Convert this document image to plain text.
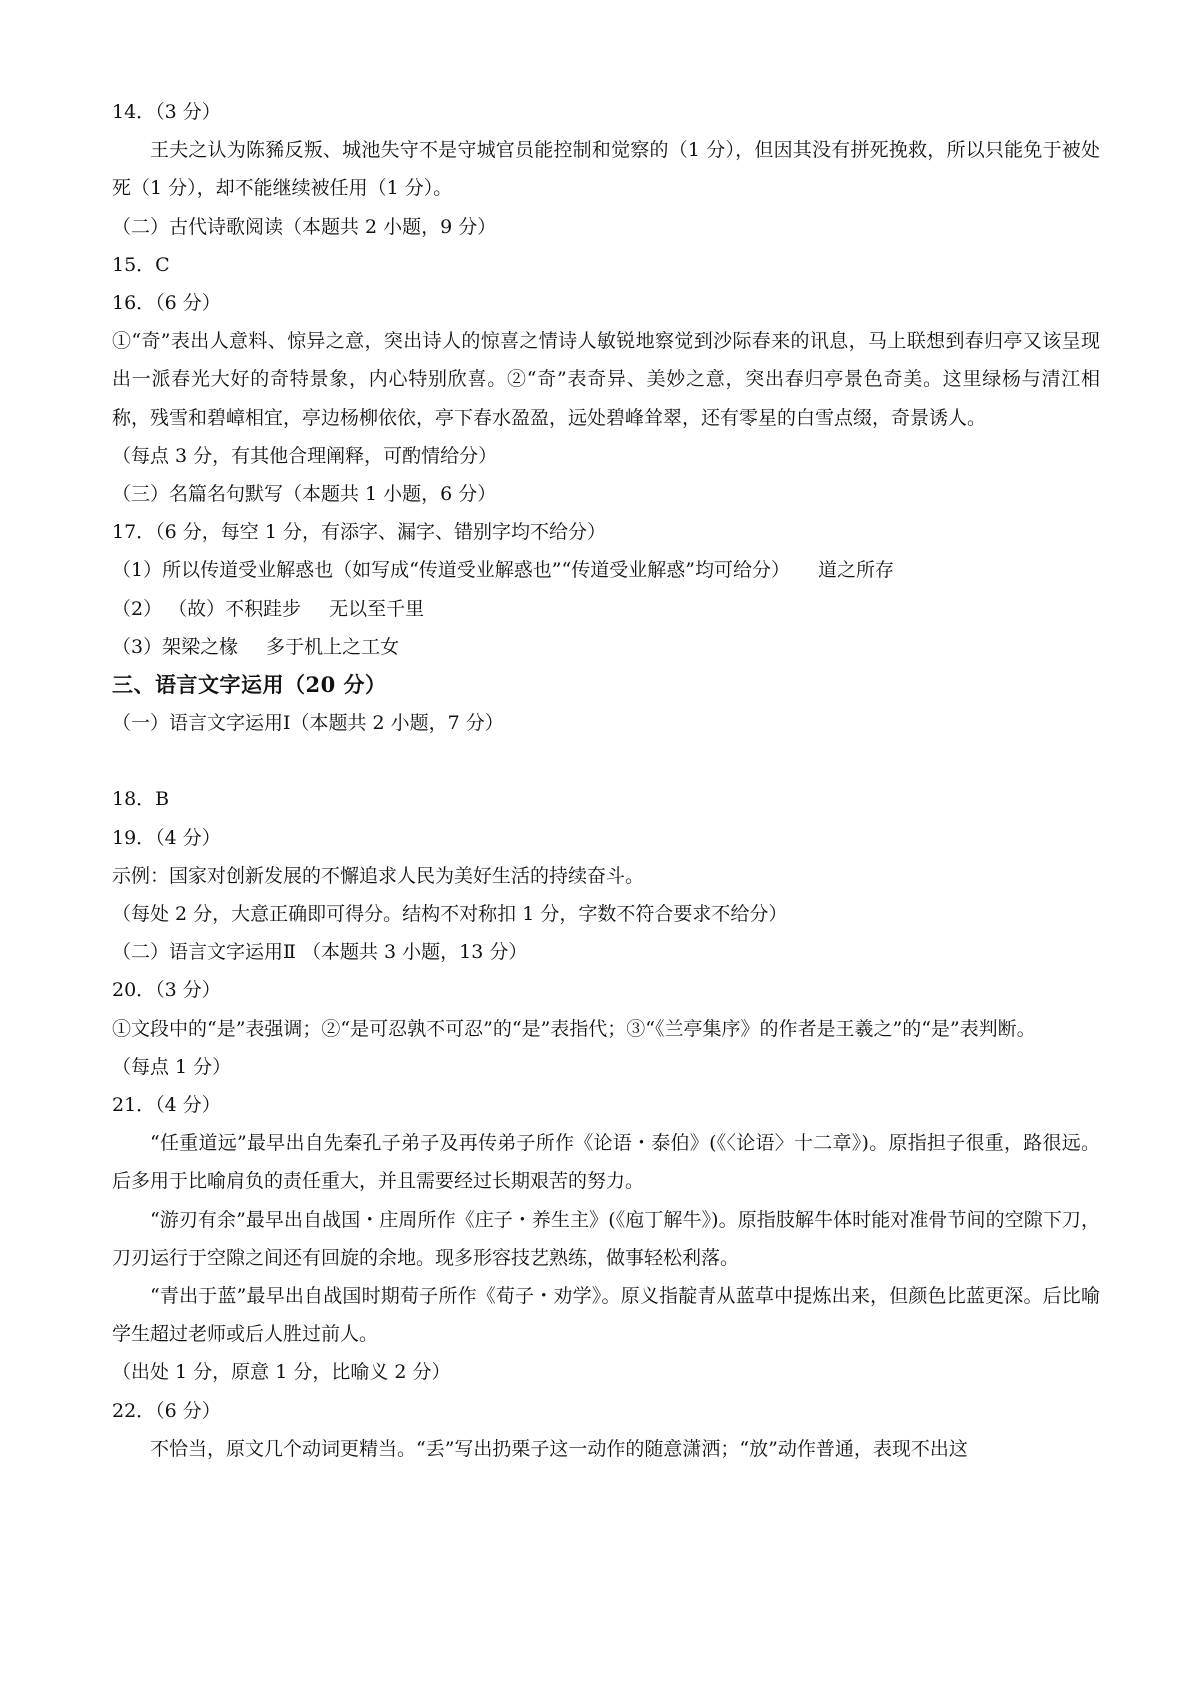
14．（3 分）

王夫之认为陈豨反叛、城池失守不是守城官员能控制和觉察的（1 分），但因其没有拼死挽救，所以只能免于被处死（1 分），却不能继续被任用（1 分）。

（二）古代诗歌阅读（本题共 2 小题，9 分）

15．C

16．（6 分）

①“奇”表出人意料、惊异之意，突出诗人的惊喜之情诗人敏锐地察觉到沙际春来的讯息，马上联想到春归亭又该呈现出一派春光大好的奇特景象，内心特别欣喜。②“奇”表奇异、美妙之意，突出春归亭景色奇美。这里绿杨与清江相称，残雪和碧嶂相宜，亭边杨柳依依，亭下春水盈盈，远处碧峰耸翠，还有零星的白雪点缀，奇景诱人。

（每点 3 分，有其他合理阐释，可酌情给分）

（三）名篇名句默写（本题共 1 小题，6 分）

17．（6 分，每空 1 分，有添字、漏字、错别字均不给分）

（1）所以传道受业解惑也（如写成“传道受业解惑也”“传道受业解惑”均可给分） 道之所存

（2） （故）不积跬步 无以至千里

（3）架梁之椽 多于机上之工女

三、语言文字运用（20 分）

（一）语言文字运用Ⅰ（本题共 2 小题，7 分）

18．B

19．（4 分）

示例：国家对创新发展的不懈追求人民为美好生活的持续奋斗。

（每处 2 分，大意正确即可得分。结构不对称扣 1 分，字数不符合要求不给分）

（二）语言文字运用Ⅱ （本题共 3 小题，13 分）

20．（3 分）

①文段中的“是”表强调；②“是可忍孰不可忍”的“是”表指代；③“《兰亭集序》的作者是王羲之”的“是”表判断。

（每点 1 分）

21．（4 分）

“任重道远”最早出自先秦孔子弟子及再传弟子所作《论语・泰伯》(《〈论语〉十二章》)。原指担子很重，路很远。后多用于比喻肩负的责任重大，并且需要经过长期艰苦的努力。

“游刃有余”最早出自战国・庄周所作《庄子・养生主》(《庖丁解牛》)。原指肢解牛体时能对准骨节间的空隙下刀，刀刃运行于空隙之间还有回旋的余地。现多形容技艺熟练，做事轻松利落。

“青出于蓝”最早出自战国时期荀子所作《荀子・劝学》。原义指靛青从蓝草中提炼出来，但颜色比蓝更深。后比喻学生超过老师或后人胜过前人。

（出处 1 分，原意 1 分，比喻义 2 分）

22．（6 分）

不恰当，原文几个动词更精当。“丢”写出扔栗子这一动作的随意潇洒；“放”动作普通，表现不出这
